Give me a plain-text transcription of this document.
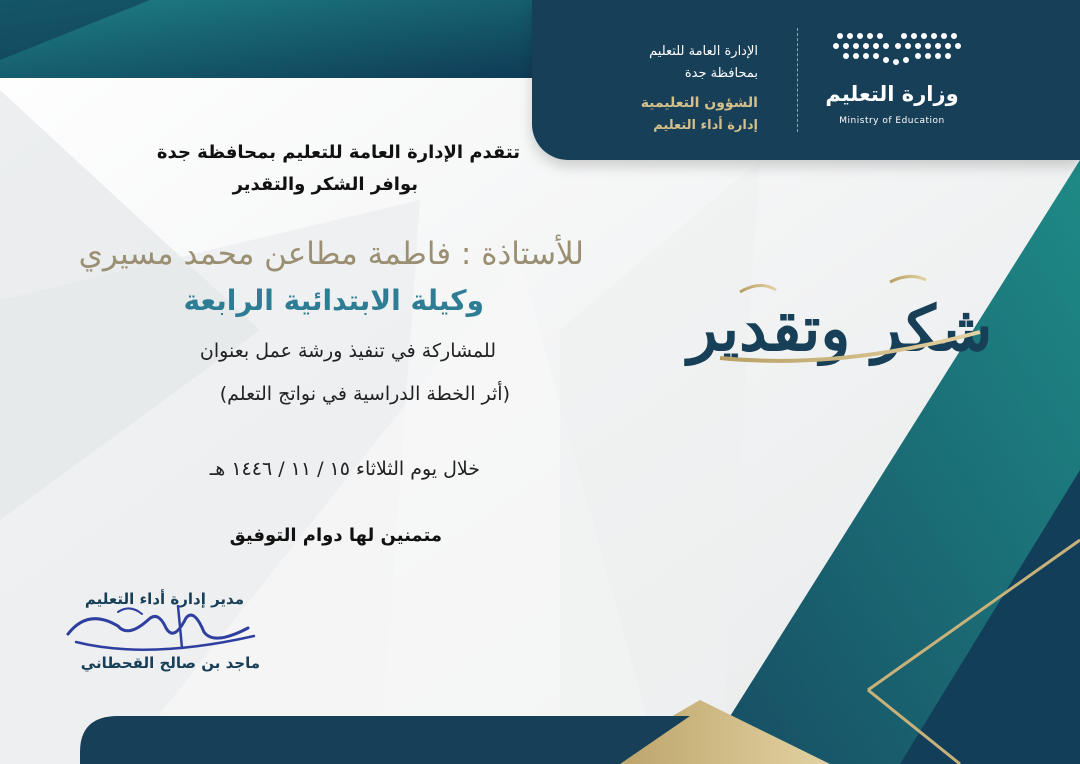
وزارة التعليم
Ministry of Education
الإدارة العامة للتعليم
بمحافظة جدة
الشؤون التعليمية
إدارة أداء التعليم
تتقدم الإدارة العامة للتعليم بمحافظة جدة
بوافر الشكر والتقدير
للأستاذة : فاطمة مطاعن محمد مسيري
وكيلة الابتدائية الرابعة
للمشاركة في تنفيذ ورشة عمل بعنوان
(أثر الخطة الدراسية في نواتج التعلم)
خلال يوم الثلاثاء ١٥ / ١١ / ١٤٤٦ هـ
متمنين لها دوام التوفيق
شكر وتقدير
مدير إدارة أداء التعليم
ماجد بن صالح القحطاني
